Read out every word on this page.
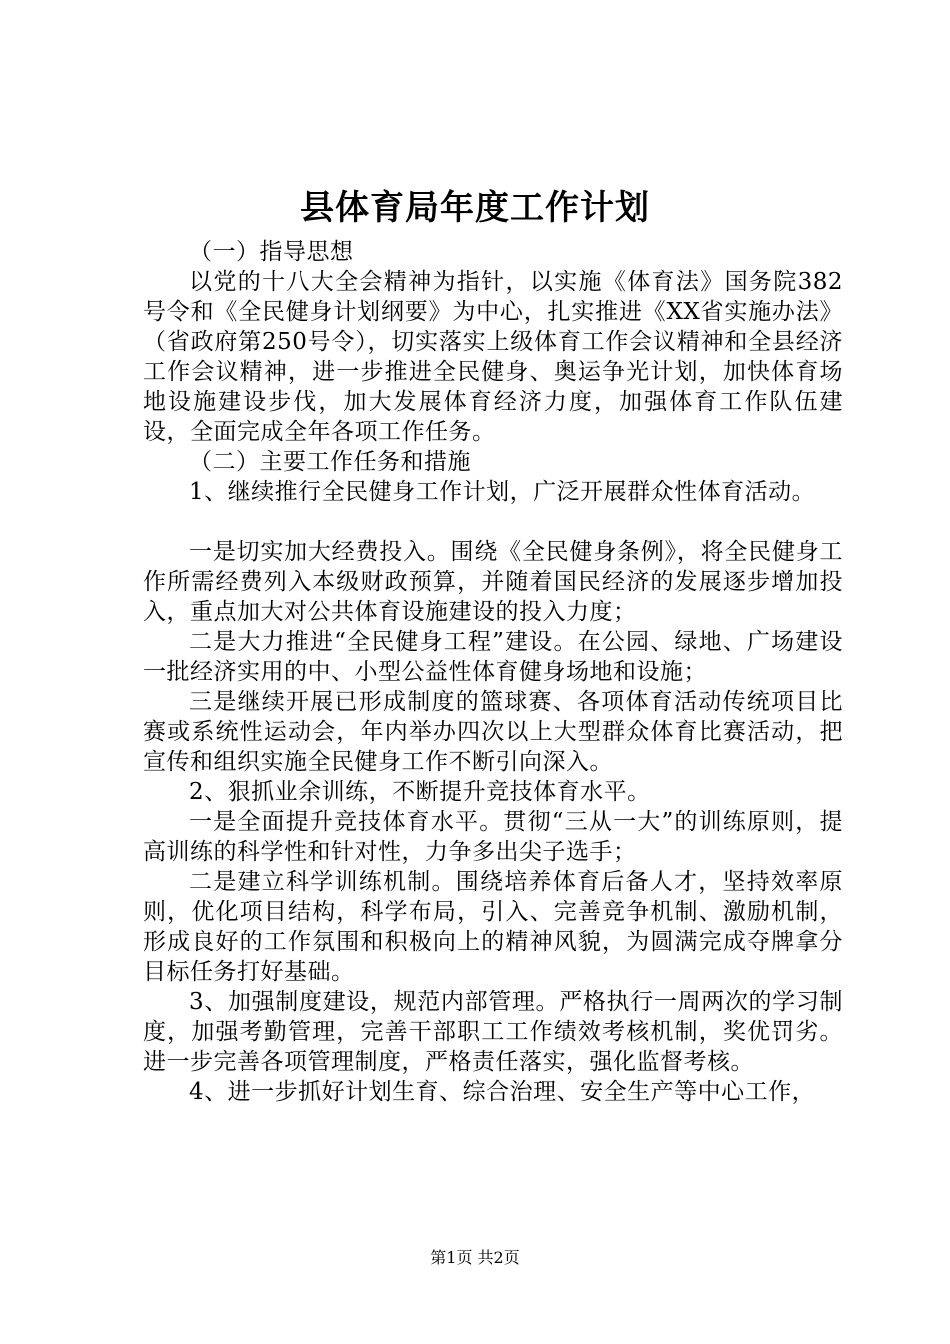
县体育局年度工作计划

（一）指导思想

以党的十八大全会精神为指针，以实施《体育法》国务院382号令和《全民健身计划纲要》为中心，扎实推进《XX省实施办法》（省政府第250号令），切实落实上级体育工作会议精神和全县经济工作会议精神，进一步推进全民健身、奥运争光计划，加快体育场地设施建设步伐，加大发展体育经济力度，加强体育工作队伍建设，全面完成全年各项工作任务。

（二）主要工作任务和措施

1、继续推行全民健身工作计划，广泛开展群众性体育活动。

一是切实加大经费投入。围绕《全民健身条例》，将全民健身工作所需经费列入本级财政预算，并随着国民经济的发展逐步增加投入，重点加大对公共体育设施建设的投入力度；

二是大力推进“全民健身工程”建设。在公园、绿地、广场建设一批经济实用的中、小型公益性体育健身场地和设施；

三是继续开展已形成制度的篮球赛、各项体育活动传统项目比赛或系统性运动会，年内举办四次以上大型群众体育比赛活动，把宣传和组织实施全民健身工作不断引向深入。

2、狠抓业余训练，不断提升竞技体育水平。

一是全面提升竞技体育水平。贯彻“三从一大”的训练原则，提高训练的科学性和针对性，力争多出尖子选手；

二是建立科学训练机制。围绕培养体育后备人才，坚持效率原则，优化项目结构，科学布局，引入、完善竞争机制、激励机制，形成良好的工作氛围和积极向上的精神风貌，为圆满完成夺牌拿分目标任务打好基础。

3、加强制度建设，规范内部管理。严格执行一周两次的学习制度，加强考勤管理，完善干部职工工作绩效考核机制，奖优罚劣。进一步完善各项管理制度，严格责任落实，强化监督考核。

4、进一步抓好计划生育、综合治理、安全生产等中心工作，

第1页 共2页
